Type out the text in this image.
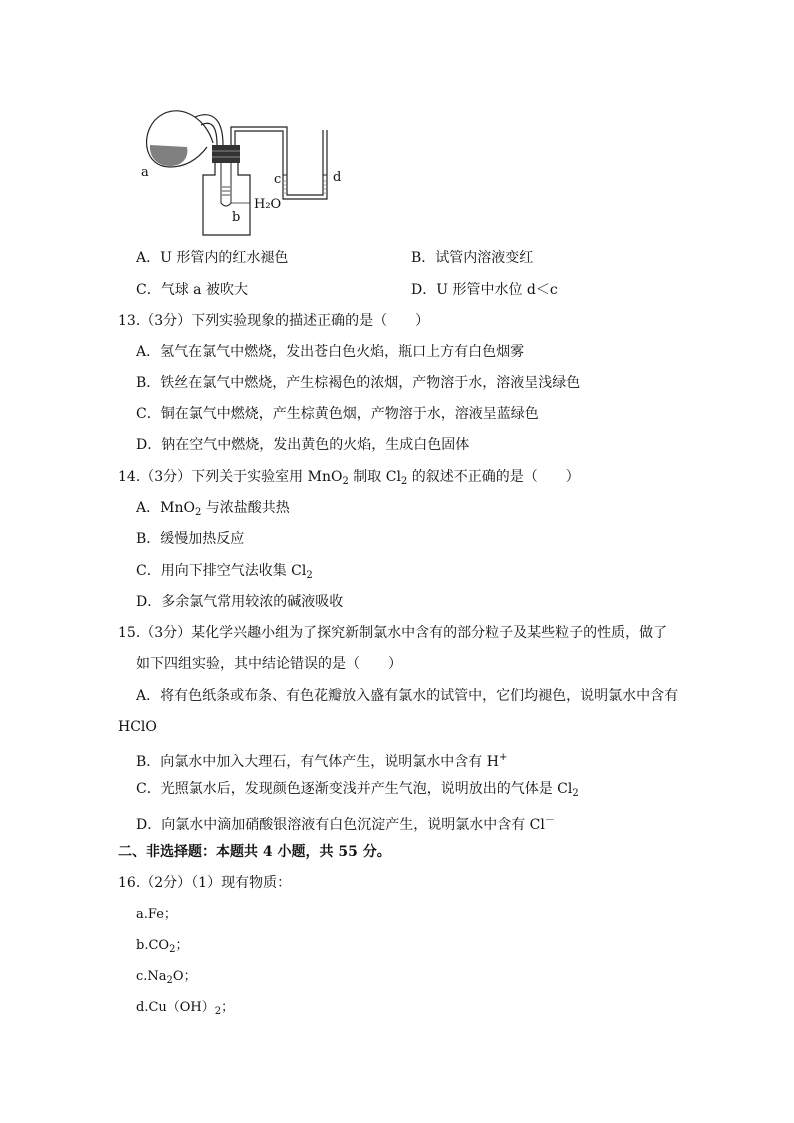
a
b
c	d
H₂O
A．U 形管内的红水褪色	B．试管内溶液变红
C．气球 a 被吹大	D．U 形管中水位 d＜c
13.（3分）下列实验现象的描述正确的是（　　）
A．氢气在氯气中燃烧，发出苍白色火焰，瓶口上方有白色烟雾
B．铁丝在氯气中燃烧，产生棕褐色的浓烟，产物溶于水，溶液呈浅绿色
C．铜在氯气中燃烧，产生棕黄色烟，产物溶于水，溶液呈蓝绿色
D．钠在空气中燃烧，发出黄色的火焰，生成白色固体
14.（3分）下列关于实验室用 MnO$_2$ 制取 $Cl_2$ 的叙述不正确的是（　　）
A．MnO$_2$ 与浓盐酸共热
B．缓慢加热反应
C．用向下排空气法收集 $Cl_2$
D．多余氯气常用较浓的碱液吸收
15.（3分）某化学兴趣小组为了探究新制氯水中含有的部分粒子及某些粒子的性质，做了
如下四组实验，其中结论错误的是（　　）
A．将有色纸条或布条、有色花瓣放入盛有氯水的试管中，它们均褪色，说明氯水中含有
HClO
B．向氯水中加入大理石，有气体产生，说明氯水中含有 H+
C．光照氯水后，发现颜色逐渐变浅并产生气泡，说明放出的气体是 $Cl_2$
D．向氯水中滴加硝酸银溶液有白色沉淀产生，说明氯水中含有 Cl－
二、非选择题：本题共 4 小题，共 55 分。
16.（2分）（1）现有物质：
a.Fe；
$b.CO_2$；
$c.Na_2O$；
$d.Cu(OH)_2$；
